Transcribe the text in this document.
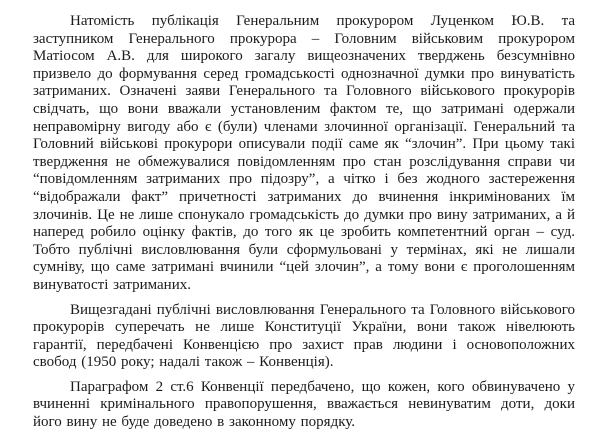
Натомість публікація Генеральним прокурором Луценком Ю.В. та заступником Генерального прокурора – Головним військовим прокурором Матіосом А.В. для широкого загалу вищеозначених тверджень безсумнівно призвело до формування серед громадськості однозначної думки про винуватість затриманих. Означені заяви Генерального та Головного військового прокурорів свідчать, що вони вважали установленим фактом те, що затримані одержали неправомірну вигоду або є (були) членами злочинної організації. Генеральний та Головний військові прокурори описували події саме як “злочин”. При цьому такі твердження не обмежувалися повідомленням про стан розслідування справи чи “повідомленням затриманих про підозру”, а чітко і без жодного застереження “відображали факт” причетності затриманих до вчинення інкримінованих їм злочинів. Це не лише спонукало громадськість до думки про вину затриманих, а й наперед робило оцінку фактів, до того як це зробить компетентний орган – суд. Тобто публічні висловлювання були сформульовані у термінах, які не лишали сумніву, що саме затримані вчинили “цей злочин”, а тому вони є проголошенням винуватості затриманих.

Вищезгадані публічні висловлювання Генерального та Головного військового прокурорів суперечать не лише Конституції України, вони також нівелюють гарантії, передбачені Конвенцією про захист прав людини і основоположних свобод (1950 року; надалі також – Конвенція).

Параграфом 2 ст.6 Конвенції передбачено, що кожен, кого обвинувачено у вчиненні кримінального правопорушення, вважається невинуватим доти, доки його вину не буде доведено в законному порядку.
